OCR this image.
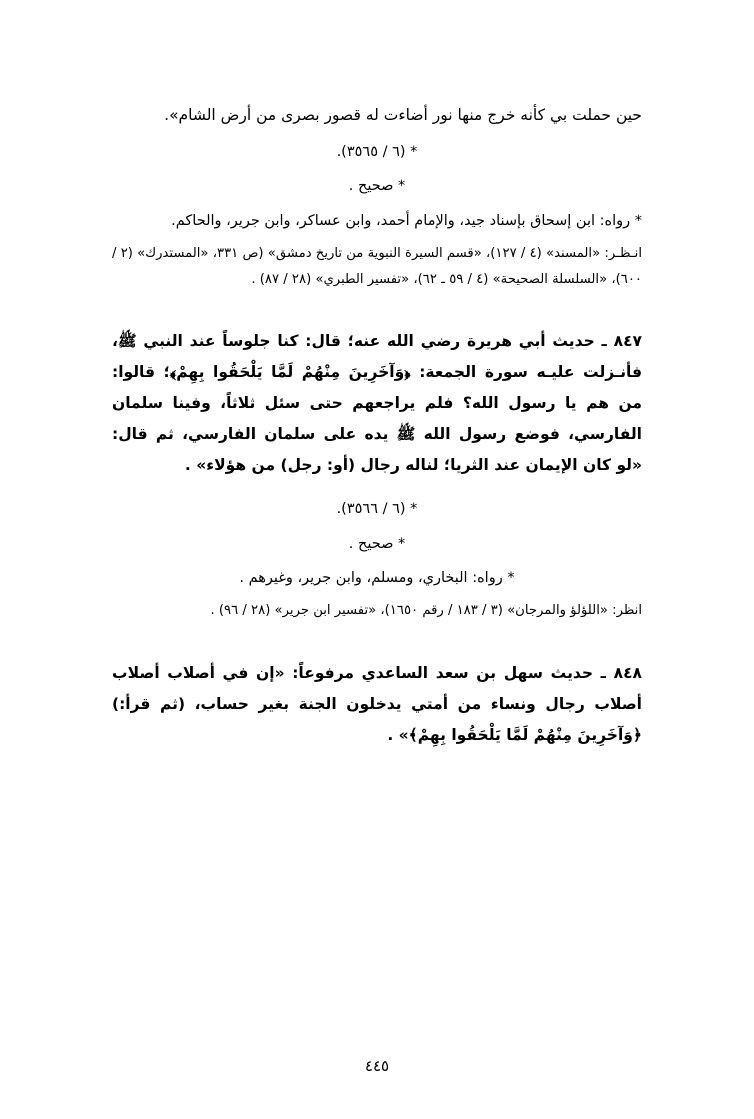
حين حملت بي كأنه خرج منها نور أضاءت له قصور بصرى من أرض الشام».

* (٦ / ٣٥٦٥).

* صحيح .

* رواه: ابن إسحاق بإسناد جيد، والإمام أحمد، وابن عساكر، وابن جرير، والحاكم.

انـظـر: «المسند» (٤ / ١٢٧)، «قسم السيرة النبوية من تاريخ دمشق» (ص ٣٣١، «المستدرك» (٢ / ٦٠٠)، «السلسلة الصحيحة» (٤ / ٥٩ ـ ٦٢)، «تفسير الطبري» (٢٨ / ٨٧) .

٨٤٧ ـ حديث أبي هريرة رضي الله عنه؛ قال: كنا جلوساً عند النبي ﷺ، فأنـزلت عليـه سورة الجمعة: ﴿وَآخَرِينَ مِنْهُمْ لَمَّا يَلْحَقُوا بِهِمْ﴾؛ قالوا: من هم يا رسول الله؟ فلم يراجعهم حتى سئل ثلاثاً، وفينا سلمان الفارسي، فوضع رسول الله ﷺ يده على سلمان الفارسي، ثم قال: «لو كان الإيمان عند الثريا؛ لناله رجال (أو: رجل) من هؤلاء» .

* (٦ / ٣٥٦٦).

* صحيح .

* رواه: البخاري، ومسلم، وابن جرير، وغيرهم .

انظر: «اللؤلؤ والمرجان» (٣ / ١٨٣ / رقم ١٦٥٠)، «تفسير ابن جرير» (٢٨ / ٩٦) .

٨٤٨ ـ حديث سهل بن سعد الساعدي مرفوعاً: «إن في أصلاب أصلاب أصلاب رجال ونساء من أمتي يدخلون الجنة بغير حساب، (ثم قرأ:) ﴿وَآخَرِينَ مِنْهُمْ لَمَّا يَلْحَقُوا بِهِمْ﴾» .

٤٤٥
